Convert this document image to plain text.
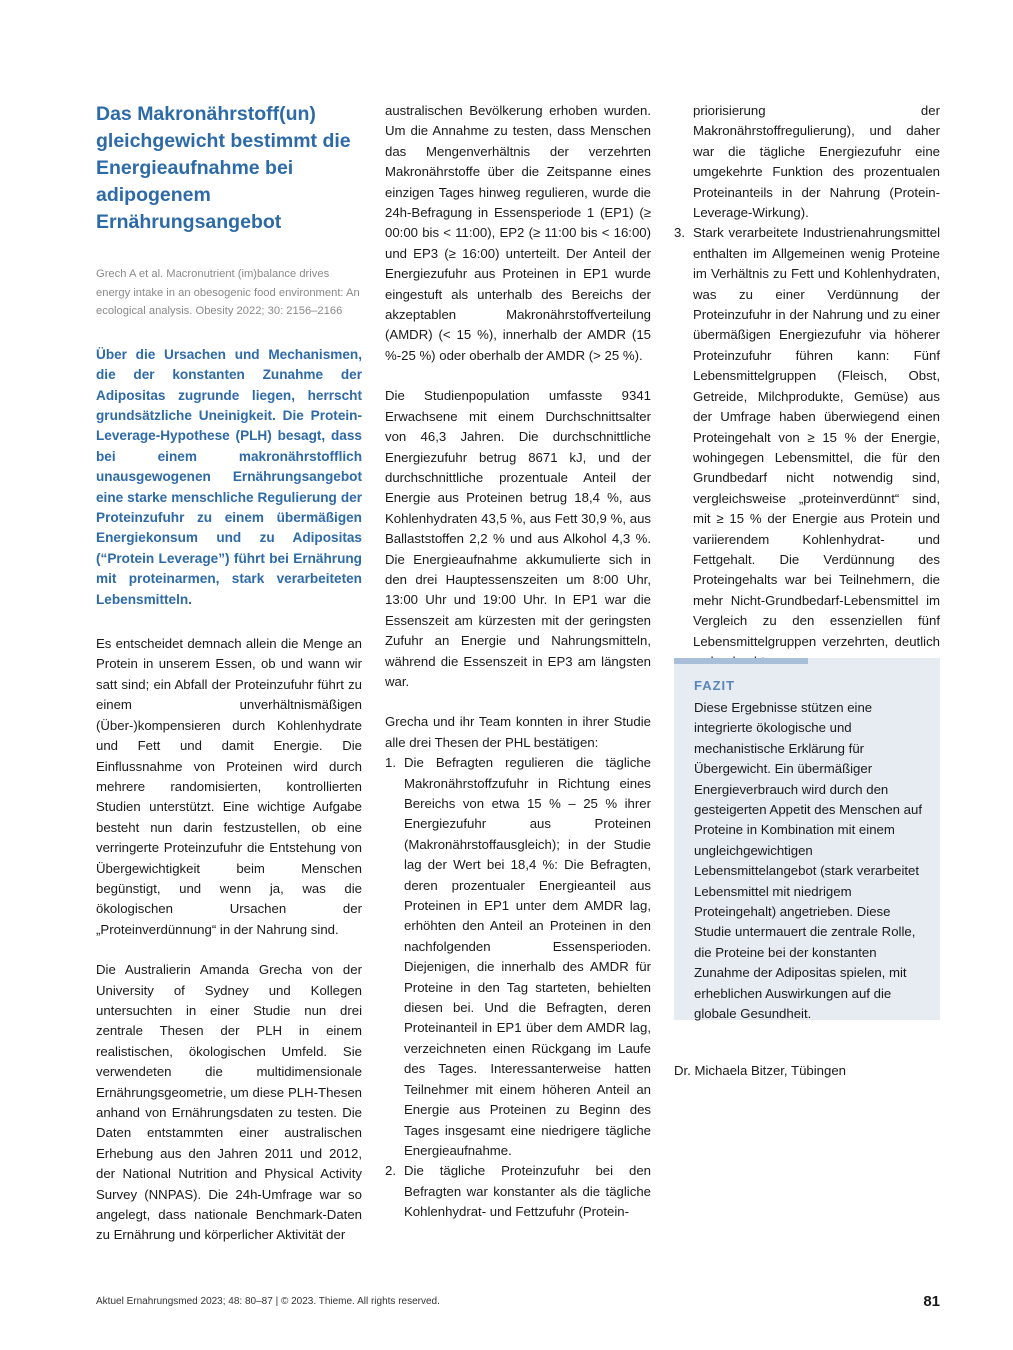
Das Makronährstoff(un) gleichgewicht bestimmt die Energieaufnahme bei adipogenem Ernährungsangebot

Grech A et al. Macronutrient (im)balance drives energy intake in an obesogenic food environment: An ecological analysis. Obesity 2022; 30: 2156–2166

Über die Ursachen und Mechanismen, die der konstanten Zunahme der Adipositas zugrunde liegen, herrscht grundsätzliche Uneinigkeit. Die Protein-Leverage-Hypothese (PLH) besagt, dass bei einem makronährstofflich unausgewogenen Ernährungsangebot eine starke menschliche Regulierung der Proteinzufuhr zu einem übermäßigen Energiekonsum und zu Adipositas (“Protein Leverage”) führt bei Ernährung mit proteinarmen, stark verarbeiteten Lebensmitteln.

Es entscheidet demnach allein die Menge an Protein in unserem Essen, ob und wann wir satt sind; ein Abfall der Proteinzufuhr führt zu einem unverhältnismäßigen (Über-)kompensieren durch Kohlenhydrate und Fett und damit Energie. Die Einflussnahme von Proteinen wird durch mehrere randomisierten, kontrollierten Studien unterstützt. Eine wichtige Aufgabe besteht nun darin festzustellen, ob eine verringerte Proteinzufuhr die Entstehung von Übergewichtigkeit beim Menschen begünstigt, und wenn ja, was die ökologischen Ursachen der „Proteinverdünnung“ in der Nahrung sind.

Die Australierin Amanda Grecha von der University of Sydney und Kollegen untersuchten in einer Studie nun drei zentrale Thesen der PLH in einem realistischen, ökologischen Umfeld. Sie verwendeten die multidimensionale Ernährungsgeometrie, um diese PLH-Thesen anhand von Ernährungsdaten zu testen. Die Daten entstammten einer australischen Erhebung aus den Jahren 2011 und 2012, der National Nutrition and Physical Activity Survey (NNPAS). Die 24h-Umfrage war so angelegt, dass nationale Benchmark-Daten zu Ernährung und körperlicher Aktivität der

australischen Bevölkerung erhoben wurden. Um die Annahme zu testen, dass Menschen das Mengenverhältnis der verzehrten Makronährstoffe über die Zeitspanne eines einzigen Tages hinweg regulieren, wurde die 24h-Befragung in Essensperiode 1 (EP1) (≥ 00:00 bis < 11:00), EP2 (≥ 11:00 bis < 16:00) und EP3 (≥ 16:00) unterteilt. Der Anteil der Energiezufuhr aus Proteinen in EP1 wurde eingestuft als unterhalb des Bereichs der akzeptablen Makronährstoffverteilung (AMDR) (< 15 %), innerhalb der AMDR (15 %-25 %) oder oberhalb der AMDR (> 25 %).

Die Studienpopulation umfasste 9341 Erwachsene mit einem Durchschnittsalter von 46,3 Jahren. Die durchschnittliche Energiezufuhr betrug 8671 kJ, und der durchschnittliche prozentuale Anteil der Energie aus Proteinen betrug 18,4 %, aus Kohlenhydraten 43,5 %, aus Fett 30,9 %, aus Ballaststoffen 2,2 % und aus Alkohol 4,3 %. Die Energieaufnahme akkumulierte sich in den drei Hauptessenszeiten um 8:00 Uhr, 13:00 Uhr und 19:00 Uhr. In EP1 war die Essenszeit am kürzesten mit der geringsten Zufuhr an Energie und Nahrungsmitteln, während die Essenszeit in EP3 am längsten war.

Grecha und ihr Team konnten in ihrer Studie alle drei Thesen der PHL bestätigen:

1. Die Befragten regulieren die tägliche Makronährstoffzufuhr in Richtung eines Bereichs von etwa 15 % – 25 % ihrer Energiezufuhr aus Proteinen (Makronährstoffausgleich); in der Studie lag der Wert bei 18,4 %: Die Befragten, deren prozentualer Energieanteil aus Proteinen in EP1 unter dem AMDR lag, erhöhten den Anteil an Proteinen in den nachfolgenden Essensperioden. Diejenigen, die innerhalb des AMDR für Proteine in den Tag starteten, behielten diesen bei. Und die Befragten, deren Proteinanteil in EP1 über dem AMDR lag, verzeichneten einen Rückgang im Laufe des Tages. Interessanterweise hatten Teilnehmer mit einem höheren Anteil an Energie aus Proteinen zu Beginn des Tages insgesamt eine niedrigere tägliche Energieaufnahme.
2. Die tägliche Proteinzufuhr bei den Befragten war konstanter als die tägliche Kohlenhydrat- und Fettzufuhr (Protein-
priorisierung der Makronährstoffregulierung), und daher war die tägliche Energiezufuhr eine umgekehrte Funktion des prozentualen Proteinanteils in der Nahrung (Protein-Leverage-Wirkung).
3. Stark verarbeitete Industrienahrungsmittel enthalten im Allgemeinen wenig Proteine im Verhältnis zu Fett und Kohlenhydraten, was zu einer Verdünnung der Proteinzufuhr in der Nahrung und zu einer übermäßigen Energiezufuhr via höherer Proteinzufuhr führen kann: Fünf Lebensmittelgruppen (Fleisch, Obst, Getreide, Milchprodukte, Gemüse) aus der Umfrage haben überwiegend einen Proteingehalt von ≥ 15 % der Energie, wohingegen Lebensmittel, die für den Grundbedarf nicht notwendig sind, vergleichsweise „proteinverdünnt“ sind, mit ≥ 15 % der Energie aus Protein und variierendem Kohlenhydrat- und Fettgehalt. Die Verdünnung des Proteingehalts war bei Teilnehmern, die mehr Nicht-Grundbedarf-Lebensmittel im Vergleich zu den essenziellen fünf Lebensmittelgruppen verzehrten, deutlich
FAZIT

Diese Ergebnisse stützen eine integrierte ökologische und mechanistische Erklärung für Übergewicht. Ein übermäßiger Energieverbrauch wird durch den gesteigerten Appetit des Menschen auf Proteine in Kombination mit einem ungleichgewichtigen Lebensmittelangebot (stark verarbeitet Lebensmittel mit niedrigem Proteingehalt) angetrieben. Diese Studie untermauert die zentrale Rolle, die Proteine bei der konstanten Zunahme der Adipositas spielen, mit erheblichen Auswirkungen auf die globale Gesundheit.

Dr. Michaela Bitzer, Tübingen
Aktuel Ernahrungsmed 2023; 48: 80–87 | © 2023. Thieme. All rights reserved.	81
